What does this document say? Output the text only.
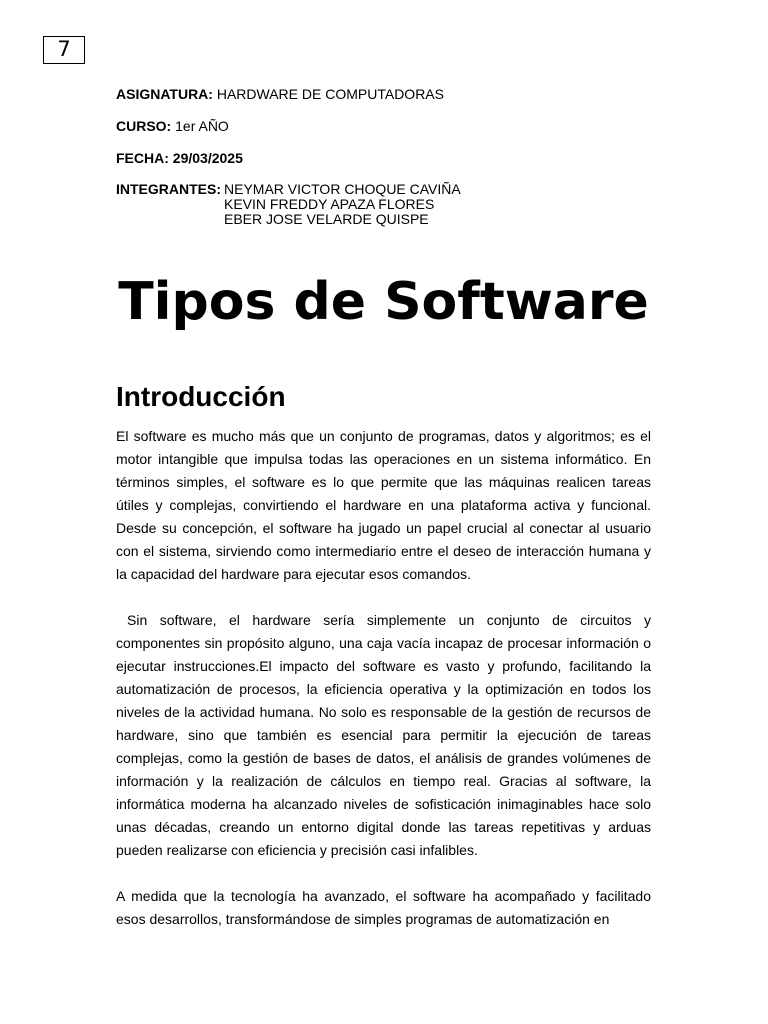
7
ASIGNATURA: HARDWARE DE COMPUTADORAS
CURSO: 1er AÑO
FECHA: 29/03/2025
INTEGRANTES: NEYMAR VICTOR CHOQUE CAVIÑA
KEVIN FREDDY APAZA FLORES
EBER JOSE VELARDE QUISPE
Tipos de Software
Introducción

El software es mucho más que un conjunto de programas, datos y algoritmos; es el motor intangible que impulsa todas las operaciones en un sistema informático. En términos simples, el software es lo que permite que las máquinas realicen tareas útiles y complejas, convirtiendo el hardware en una plataforma activa y funcional. Desde su concepción, el software ha jugado un papel crucial al conectar al usuario con el sistema, sirviendo como intermediario entre el deseo de interacción humana y la capacidad del hardware para ejecutar esos comandos.

Sin software, el hardware sería simplemente un conjunto de circuitos y componentes sin propósito alguno, una caja vacía incapaz de procesar información o ejecutar instrucciones.El impacto del software es vasto y profundo, facilitando la automatización de procesos, la eficiencia operativa y la optimización en todos los niveles de la actividad humana. No solo es responsable de la gestión de recursos de hardware, sino que también es esencial para permitir la ejecución de tareas complejas, como la gestión de bases de datos, el análisis de grandes volúmenes de información y la realización de cálculos en tiempo real. Gracias al software, la informática moderna ha alcanzado niveles de sofisticación inimaginables hace solo unas décadas, creando un entorno digital donde las tareas repetitivas y arduas pueden realizarse con eficiencia y precisión casi infalibles.

A medida que la tecnología ha avanzado, el software ha acompañado y facilitado esos desarrollos, transformándose de simples programas de automatización en
